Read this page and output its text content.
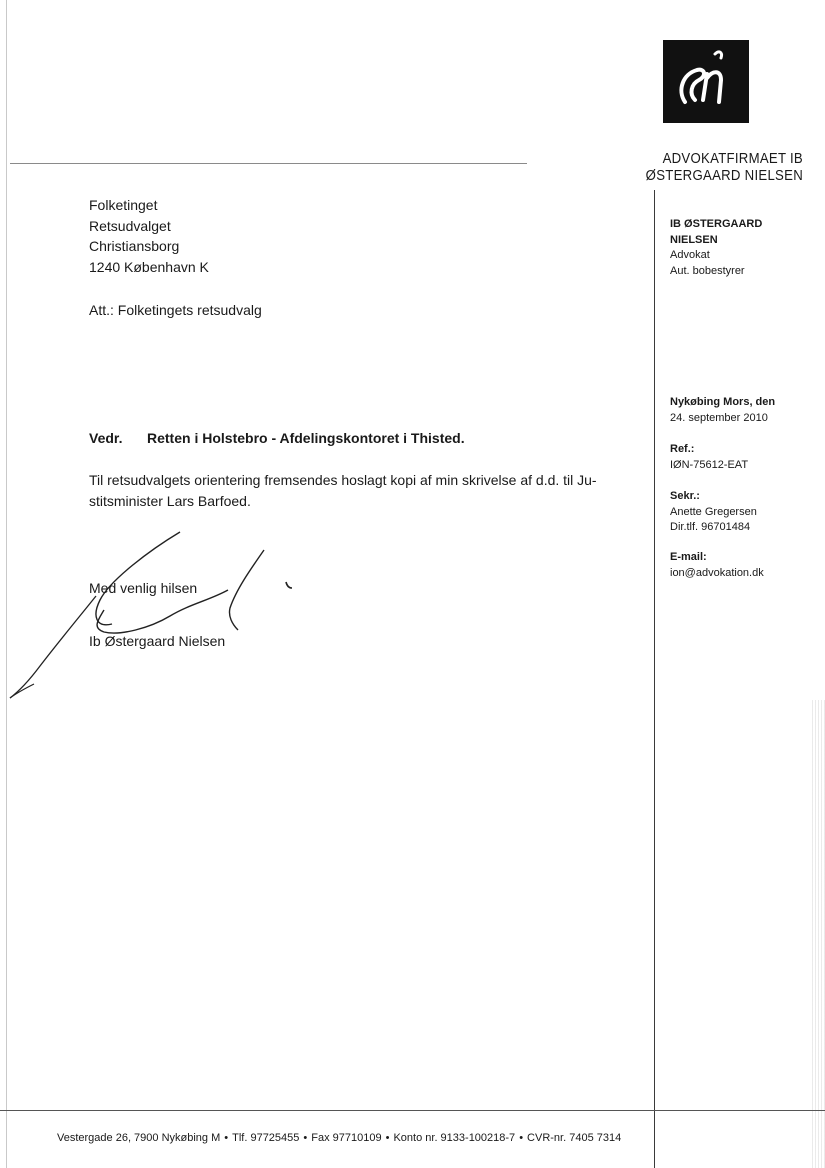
ADVOKATFIRMAET IB ØSTERGAARD NIELSEN
Folketinget
Retsudvalget
Christiansborg
1240 København K
Att.: Folketingets retsudvalg
Vedr. Retten i Holstebro - Afdelingskontoret i Thisted.
Til retsudvalgets orientering fremsendes hoslagt kopi af min skrivelse af d.d. til Ju-
stitsminister Lars Barfoed.
Med venlig hilsen
Ib Østergaard Nielsen
IB ØSTERGAARD
NIELSEN
Advokat
Aut. bobestyrer
Nykøbing Mors, den
24. september 2010
Ref.:
IØN-75612-EAT
Sekr.:
Anette Gregersen
Dir.tlf. 96701484
E-mail:
ion@advokation.dk
Vestergade 26, 7900 Nykøbing M • Tlf. 97725455 • Fax 97710109 • Konto nr. 9133-100218-7 • CVR-nr. 7405 7314
